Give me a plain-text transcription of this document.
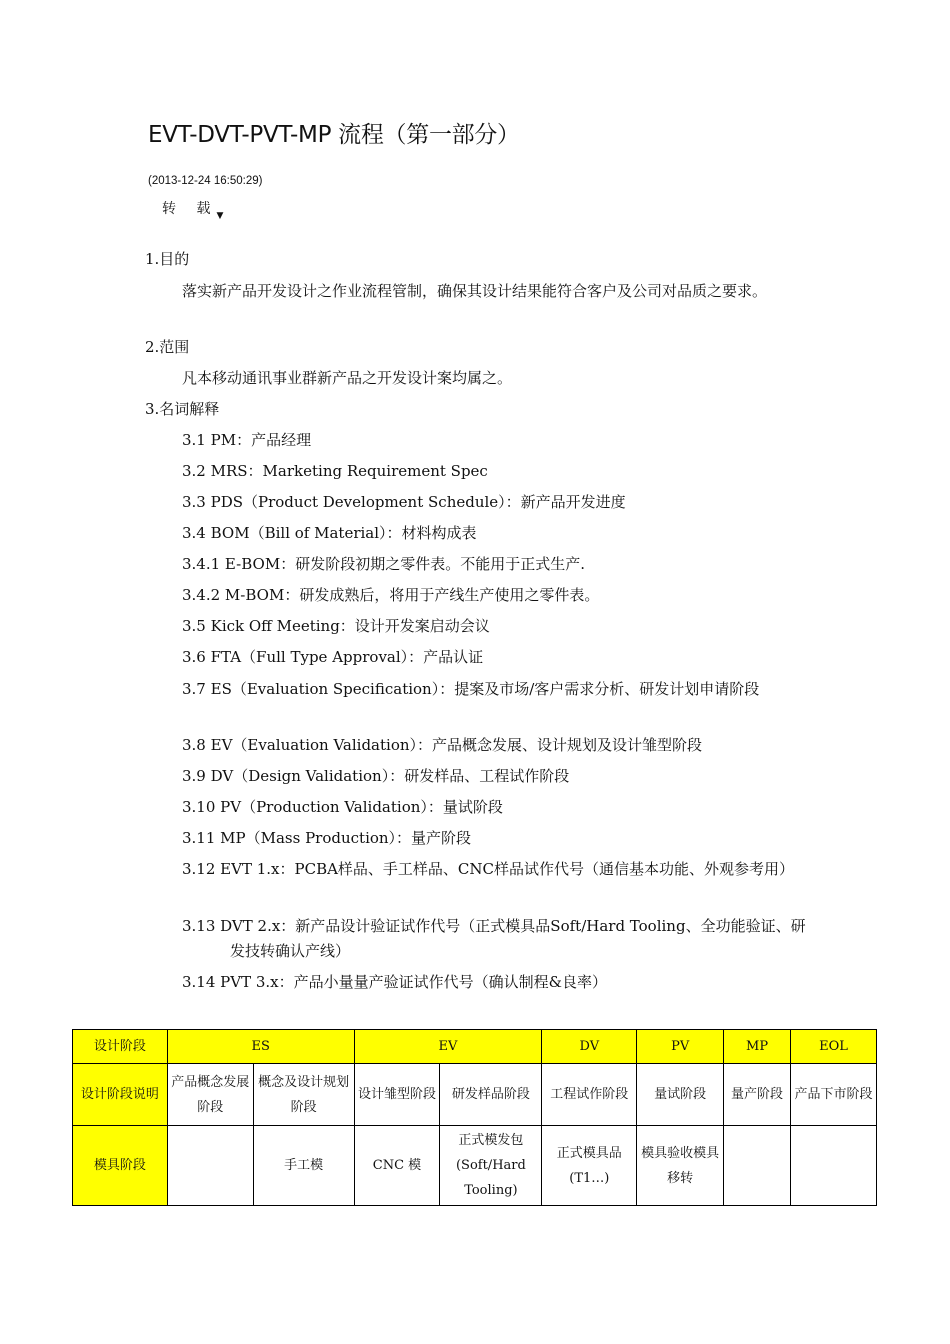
EVT-DVT-PVT-MP 流程（第一部分）
(2013-12-24 16:50:29)
转 载$_▼$
1.目的
落实新产品开发设计之作业流程管制，确保其设计结果能符合客户及公司对品质之要求。
2.范围
凡本移动通讯事业群新产品之开发设计案均属之。
3.名词解释
3.1 PM：产品经理
3.2 MRS：Marketing Requirement Spec
3.3 PDS（Product Development Schedule）：新产品开发进度
3.4 BOM（Bill of Material）：材料构成表
3.4.1 E-BOM：研发阶段初期之零件表。不能用于正式生产.
3.4.2 M-BOM：研发成熟后，将用于产线生产使用之零件表。
3.5 Kick Off Meeting：设计开发案启动会议
3.6 FTA（Full Type Approval）：产品认证
3.7 ES（Evaluation Specification）：提案及市场/客户需求分析、研发计划申请阶段
3.8 EV（Evaluation Validation）：产品概念发展、设计规划及设计雏型阶段
3.9 DV（Design Validation）：研发样品、工程试作阶段
3.10 PV（Production Validation）：量试阶段
3.11 MP（Mass Production）：量产阶段
3.12 EVT 1.x：PCBA样品、手工样品、CNC样品试作代号（通信基本功能、外观参考用）
3.13 DVT 2.x：新产品设计验证试作代号（正式模具品Soft/Hard Tooling、全功能验证、研发技转确认产线）
3.14 PVT 3.x：产品小量量产验证试作代号（确认制程&良率）
设计阶段	ES		EV		DV	PV	MP	EOL
设计阶段说明	产品概念发展阶段	概念及设计规划阶段	设计雏型阶段	研发样品阶段	工程试作阶段	量试阶段	量产阶段	产品下市阶段
模具阶段		手工模	CNC 模	正式模发包(Soft/Hard Tooling)	正式模具品(T1…)	模具验收模具移转		
